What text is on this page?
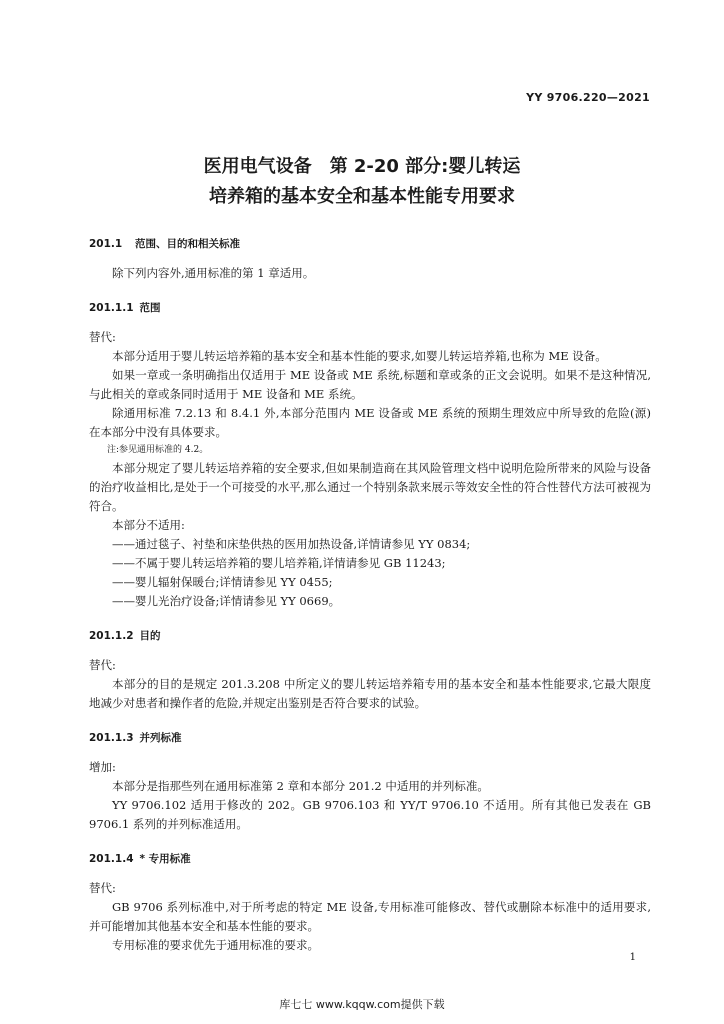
YY 9706.220—2021
医用电气设备　第 2-20 部分:婴儿转运
培养箱的基本安全和基本性能专用要求
201.1 范围、目的和相关标准

除下列内容外,通用标准的第 1 章适用。

201.1.1 范围

替代:

本部分适用于婴儿转运培养箱的基本安全和基本性能的要求,如婴儿转运培养箱,也称为 ME 设备。

如果一章或一条明确指出仅适用于 ME 设备或 ME 系统,标题和章或条的正文会说明。如果不是这种情况,与此相关的章或条同时适用于 ME 设备和 ME 系统。

除通用标准 7.2.13 和 8.4.1 外,本部分范围内 ME 设备或 ME 系统的预期生理效应中所导致的危险(源)在本部分中没有具体要求。

注:参见通用标准的 4.2。

本部分规定了婴儿转运培养箱的安全要求,但如果制造商在其风险管理文档中说明危险所带来的风险与设备的治疗收益相比,是处于一个可接受的水平,那么通过一个特别条款来展示等效安全性的符合性替代方法可被视为符合。

本部分不适用:

——通过毯子、衬垫和床垫供热的医用加热设备,详情请参见 YY 0834;

——不属于婴儿转运培养箱的婴儿培养箱,详情请参见 GB 11243;

——婴儿辐射保暖台;详情请参见 YY 0455;

——婴儿光治疗设备;详情请参见 YY 0669。

201.1.2 目的

替代:

本部分的目的是规定 201.3.208 中所定义的婴儿转运培养箱专用的基本安全和基本性能要求,它最大限度地减少对患者和操作者的危险,并规定出鉴别是否符合要求的试验。

201.1.3 并列标准

增加:

本部分是指那些列在通用标准第 2 章和本部分 201.2 中适用的并列标准。

YY 9706.102 适用于修改的 202。GB 9706.103 和 YY/T 9706.10 不适用。所有其他已发表在 GB 9706.1 系列的并列标准适用。

201.1.4 * 专用标准

替代:

GB 9706 系列标准中,对于所考虑的特定 ME 设备,专用标准可能修改、替代或删除本标准中的适用要求,并可能增加其他基本安全和基本性能的要求。

专用标准的要求优先于通用标准的要求。

1
库七七 www.kqqw.com提供下载
